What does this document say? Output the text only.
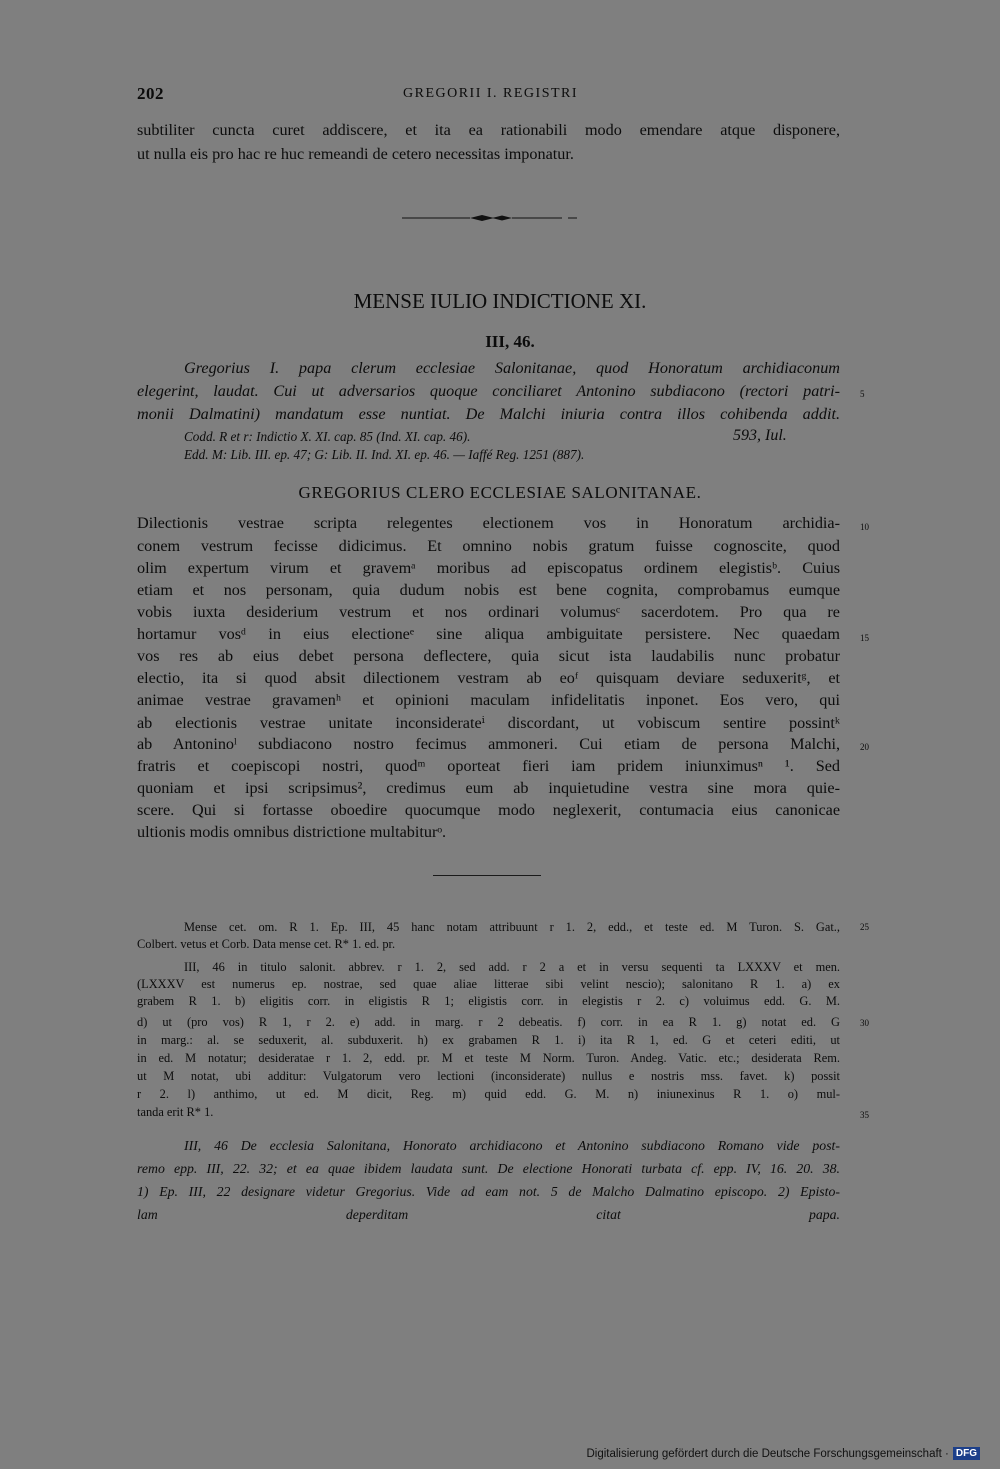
202	GREGORII I. REGISTRI
subtiliter cuncta curet addiscere, et ita ea rationabili modo emendare atque disponere,
ut nulla eis pro hac re huc remeandi de cetero necessitas imponatur.
MENSE IULIO INDICTIONE XI.
III, 46.
Gregorius I. papa clerum ecclesiae Salonitanae, quod Honoratum archidiaconum
elegerint, laudat. Cui ut adversarios quoque conciliaret Antonino subdiacono (rectori patri-
monii Dalmatini) mandatum esse nuntiat. De Malchi iniuria contra illos cohibenda addit.
5
Codd. R et r: Indictio X. XI. cap. 85 (Ind. XI. cap. 46).	593, Iul.
Edd. M: Lib. III. ep. 47; G: Lib. II. Ind. XI. ep. 46. — Iaffé Reg. 1251 (887).
GREGORIUS CLERO ECCLESIAE SALONITANAE.
Dilectionis vestrae scripta relegentes electionem vos in Honoratum archidia-
conem vestrum fecisse didicimus. Et omnino nobis gratum fuisse cognoscite, quod
olim expertum virum et gravemᵃ moribus ad episcopatus ordinem elegistisᵇ. Cuius
etiam et nos personam, quia dudum nobis est bene cognita, comprobamus eumque
vobis iuxta desiderium vestrum et nos ordinari volumusᶜ sacerdotem. Pro qua re
hortamur vosᵈ in eius electioneᵉ sine aliqua ambiguitate persistere. Nec quaedam
vos res ab eius debet persona deflectere, quia sicut ista laudabilis nunc probatur
electio, ita si quod absit dilectionem vestram ab eoᶠ quisquam deviare seduxeritᵍ, et
animae vestrae gravamenʰ et opinioni maculam infidelitatis inponet. Eos vero, qui
ab electionis vestrae unitate inconsiderateⁱ discordant, ut vobiscum sentire possintᵏ
ab Antoninoˡ subdiacono nostro fecimus ammoneri. Cui etiam de persona Malchi,
fratris et coepiscopi nostri, quodᵐ oporteat fieri iam pridem iniunximusⁿ ¹. Sed
quoniam et ipsi scripsimus², credimus eum ab inquietudine vestra sine mora quie-
scere. Qui si fortasse oboedire quocumque modo neglexerit, contumacia eius canonicae
ultionis modis omnibus districtione multabiturᵒ.
10
15
20
Mense cet. om. R 1. Ep. III, 45 hanc notam attribuunt r 1. 2, edd., et teste ed. M Turon. S. Gat.,
Colbert. vetus et Corb. Data mense cet. R* 1. ed. pr.
III, 46 in titulo salonit. abbrev. r 1. 2, sed add. r 2 a et in versu sequenti ta LXXXV et men.
(LXXXV est numerus ep. nostrae, sed quae aliae litterae sibi velint nescio); salonitano R 1. a) ex
grabem R 1. b) eligitis corr. in eligistis R 1; eligistis corr. in elegistis r 2. c) voluimus edd. G. M.
d) ut (pro vos) R 1, r 2. e) add. in marg. r 2 debeatis. f) corr. in ea R 1. g) notat ed. G
in marg.: al. se seduxerit, al. subduxerit. h) ex grabamen R 1. i) ita R 1, ed. G et ceteri editi, ut
in ed. M notatur; desideratae r 1. 2, edd. pr. M et teste M Norm. Turon. Andeg. Vatic. etc.; desiderata Rem.
ut M notat, ubi additur: Vulgatorum vero lectioni (inconsiderate) nullus e nostris mss. favet. k) possit
r 2. l) anthimo, ut ed. M dicit, Reg. m) quid edd. G. M. n) iniunexinus R 1. o) mul-
tanda erit R* 1.
25
30
35
III, 46 De ecclesia Salonitana, Honorato archidiacono et Antonino subdiacono Romano vide post-
remo epp. III, 22. 32; et ea quae ibidem laudata sunt. De electione Honorati turbata cf. epp. IV, 16. 20. 38.
1) Ep. III, 22 designare videtur Gregorius. Vide ad eam not. 5 de Malcho Dalmatino episcopo. 2) Episto-
lam deperditam citat papa.
Digitalisierung gefördert durch die Deutsche Forschungsgemeinschaft · DFG
